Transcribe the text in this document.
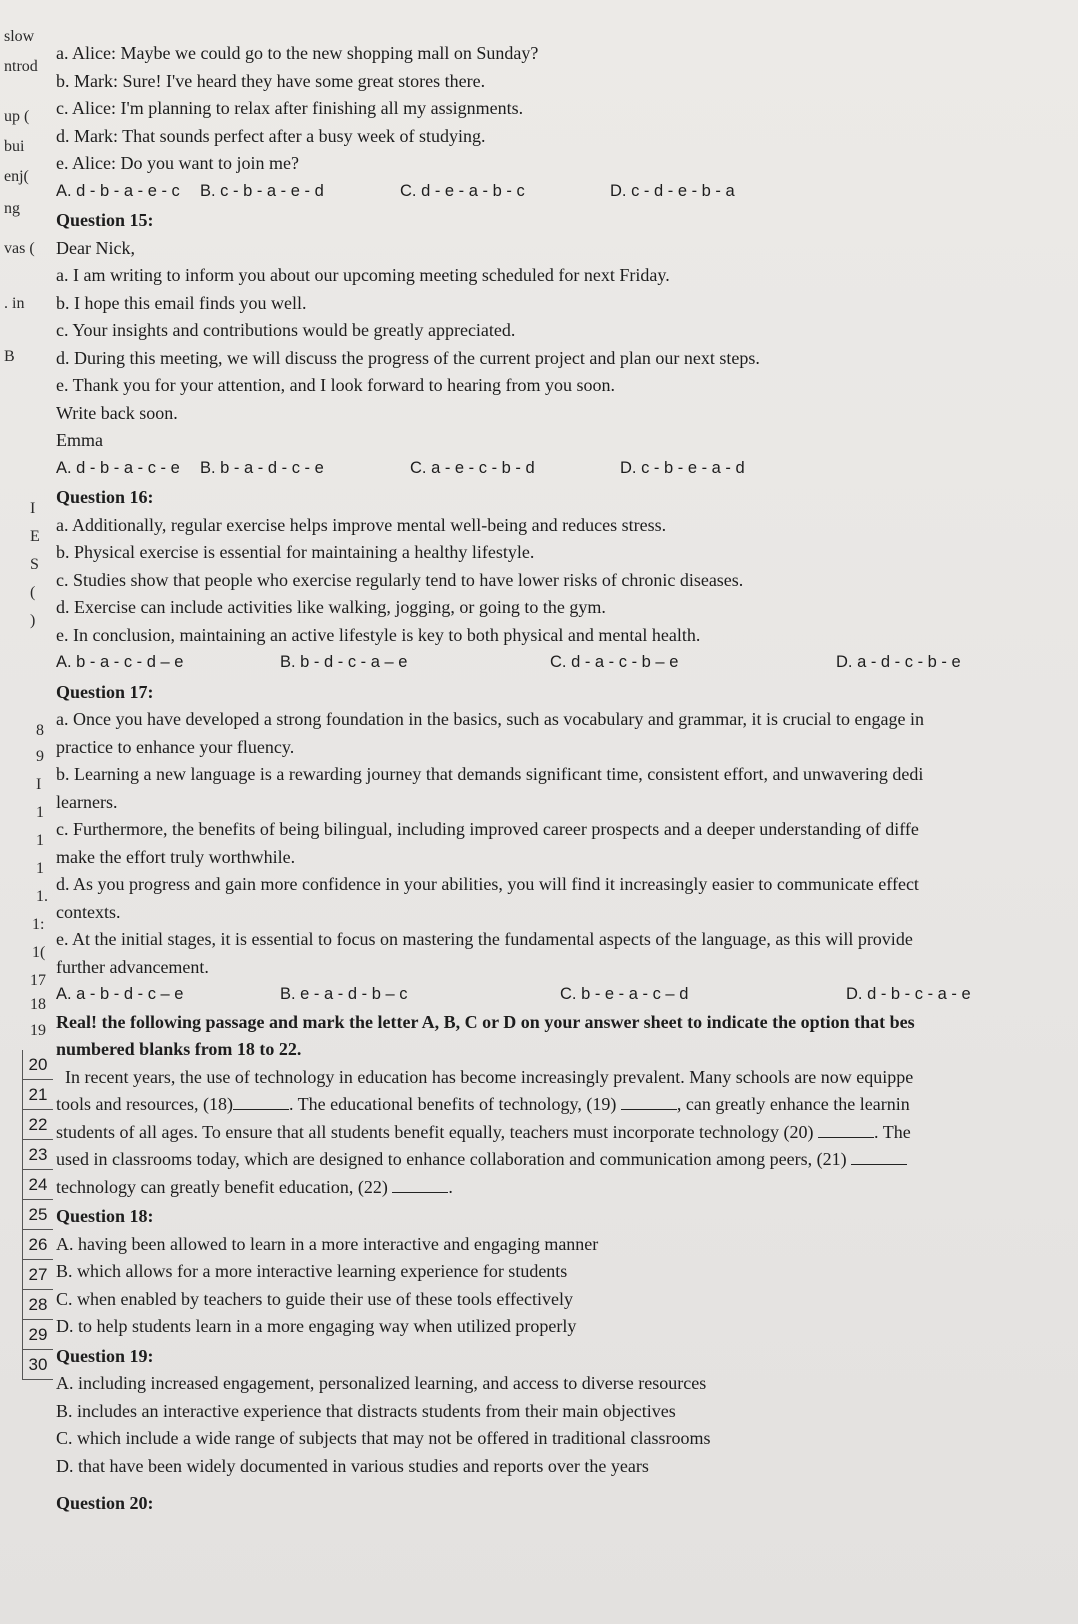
slow
ntrod
up (
bui
enj(
ng
vas (
. in
B
I
E
S
(
)
8
9
I
1
1
1
1.
1:
1(
17
18
19
20
21
22
23
24
25
26
27
28
29
30
a. Alice: Maybe we could go to the new shopping mall on Sunday?
b. Mark: Sure! I've heard they have some great stores there.
c. Alice: I'm planning to relax after finishing all my assignments.
d. Mark: That sounds perfect after a busy week of studying.
e. Alice: Do you want to join me?
A. d - b - a - e - c	B. c - b - a - e - d	C. d - e - a - b - c	D. c - d - e - b - a
Question 15:
Dear Nick,
a. I am writing to inform you about our upcoming meeting scheduled for next Friday.
b. I hope this email finds you well.
c. Your insights and contributions would be greatly appreciated.
d. During this meeting, we will discuss the progress of the current project and plan our next steps.
e. Thank you for your attention, and I look forward to hearing from you soon.
Write back soon.
Emma
A. d - b - a - c - e	B. b - a - d - c - e	C. a - e - c - b - d	D. c - b - e - a - d
Question 16:
a. Additionally, regular exercise helps improve mental well-being and reduces stress.
b. Physical exercise is essential for maintaining a healthy lifestyle.
c. Studies show that people who exercise regularly tend to have lower risks of chronic diseases.
d. Exercise can include activities like walking, jogging, or going to the gym.
e. In conclusion, maintaining an active lifestyle is key to both physical and mental health.
A. b - a - c - d – e	B. b - d - c - a – e	C. d - a - c - b – e	D. a - d - c - b - e
Question 17:
a. Once you have developed a strong foundation in the basics, such as vocabulary and grammar, it is crucial to engage in
practice to enhance your fluency.
b. Learning a new language is a rewarding journey that demands significant time, consistent effort, and unwavering dedi
learners.
c. Furthermore, the benefits of being bilingual, including improved career prospects and a deeper understanding of diffe
make the effort truly worthwhile.
d. As you progress and gain more confidence in your abilities, you will find it increasingly easier to communicate effect
contexts.
e. At the initial stages, it is essential to focus on mastering the fundamental aspects of the language, as this will provide
further advancement.
A. a - b - d - c – e	B. e - a - d - b – c	C. b - e - a - c – d	D. d - b - c - a - e
Real! the following passage and mark the letter A, B, C or D on your answer sheet to indicate the option that bes
numbered blanks from 18 to 22.
In recent years, the use of technology in education has become increasingly prevalent. Many schools are now equippe
tools and resources, (18)	. The educational benefits of technology, (19)	, can greatly enhance the learnin
students of all ages. To ensure that all students benefit equally, teachers must incorporate technology (20)	. The
used in classrooms today, which are designed to enhance collaboration and communication among peers, (21)
technology can greatly benefit education, (22)	.
Question 18:
A. having been allowed to learn in a more interactive and engaging manner
B. which allows for a more interactive learning experience for students
C. when enabled by teachers to guide their use of these tools effectively
D. to help students learn in a more engaging way when utilized properly
Question 19:
A. including increased engagement, personalized learning, and access to diverse resources
B. includes an interactive experience that distracts students from their main objectives
C. which include a wide range of subjects that may not be offered in traditional classrooms
D. that have been widely documented in various studies and reports over the years
Question 20:
